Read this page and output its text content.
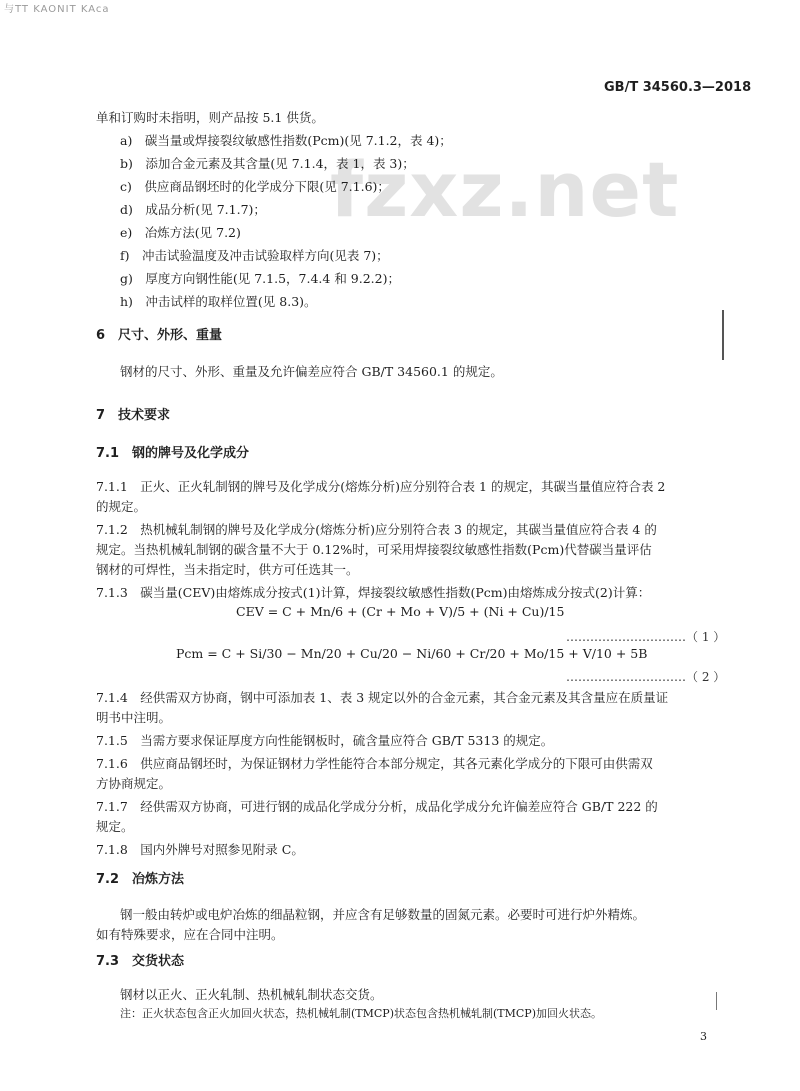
与TT KAONIT KAca
GB/T 34560.3—2018
fzxz.net
单和订购时未指明，则产品按 5.1 供货。
a)　碳当量或焊接裂纹敏感性指数(Pcm)(见 7.1.2，表 4)；
b)　添加合金元素及其含量(见 7.1.4，表 1，表 3)；
c)　供应商品钢坯时的化学成分下限(见 7.1.6)；
d)　成品分析(见 7.1.7)；
e)　冶炼方法(见 7.2)
f)　冲击试验温度及冲击试验取样方向(见表 7)；
g)　厚度方向钢性能(见 7.1.5，7.4.4 和 9.2.2)；
h)　冲击试样的取样位置(见 8.3)。
6　尺寸、外形、重量
钢材的尺寸、外形、重量及允许偏差应符合 GB/T 34560.1 的规定。
7　技术要求
7.1　钢的牌号及化学成分
7.1.1　正火、正火轧制钢的牌号及化学成分(熔炼分析)应分别符合表 1 的规定，其碳当量值应符合表 2
的规定。
7.1.2　热机械轧制钢的牌号及化学成分(熔炼分析)应分别符合表 3 的规定，其碳当量值应符合表 4 的
规定。当热机械轧制钢的碳含量不大于 0.12%时，可采用焊接裂纹敏感性指数(Pcm)代替碳当量评估
钢材的可焊性，当未指定时，供方可任选其一。
7.1.3　碳当量(CEV)由熔炼成分按式(1)计算，焊接裂纹敏感性指数(Pcm)由熔炼成分按式(2)计算：
CEV = C + Mn/6 + (Cr + Mo + V)/5 + (Ni + Cu)/15
…………………………（ 1 ）
Pcm = C + Si/30 − Mn/20 + Cu/20 − Ni/60 + Cr/20 + Mo/15 + V/10 + 5B
…………………………（ 2 ）
7.1.4　经供需双方协商，钢中可添加表 1、表 3 规定以外的合金元素，其合金元素及其含量应在质量证
明书中注明。
7.1.5　当需方要求保证厚度方向性能钢板时，硫含量应符合 GB/T 5313 的规定。
7.1.6　供应商品钢坯时，为保证钢材力学性能符合本部分规定，其各元素化学成分的下限可由供需双
方协商规定。
7.1.7　经供需双方协商，可进行钢的成品化学成分分析，成品化学成分允许偏差应符合 GB/T 222 的
规定。
7.1.8　国内外牌号对照参见附录 C。
7.2　冶炼方法
钢一般由转炉或电炉冶炼的细晶粒钢，并应含有足够数量的固氮元素。必要时可进行炉外精炼。
如有特殊要求，应在合同中注明。
7.3　交货状态
钢材以正火、正火轧制、热机械轧制状态交货。
注：正火状态包含正火加回火状态，热机械轧制(TMCP)状态包含热机械轧制(TMCP)加回火状态。
3
